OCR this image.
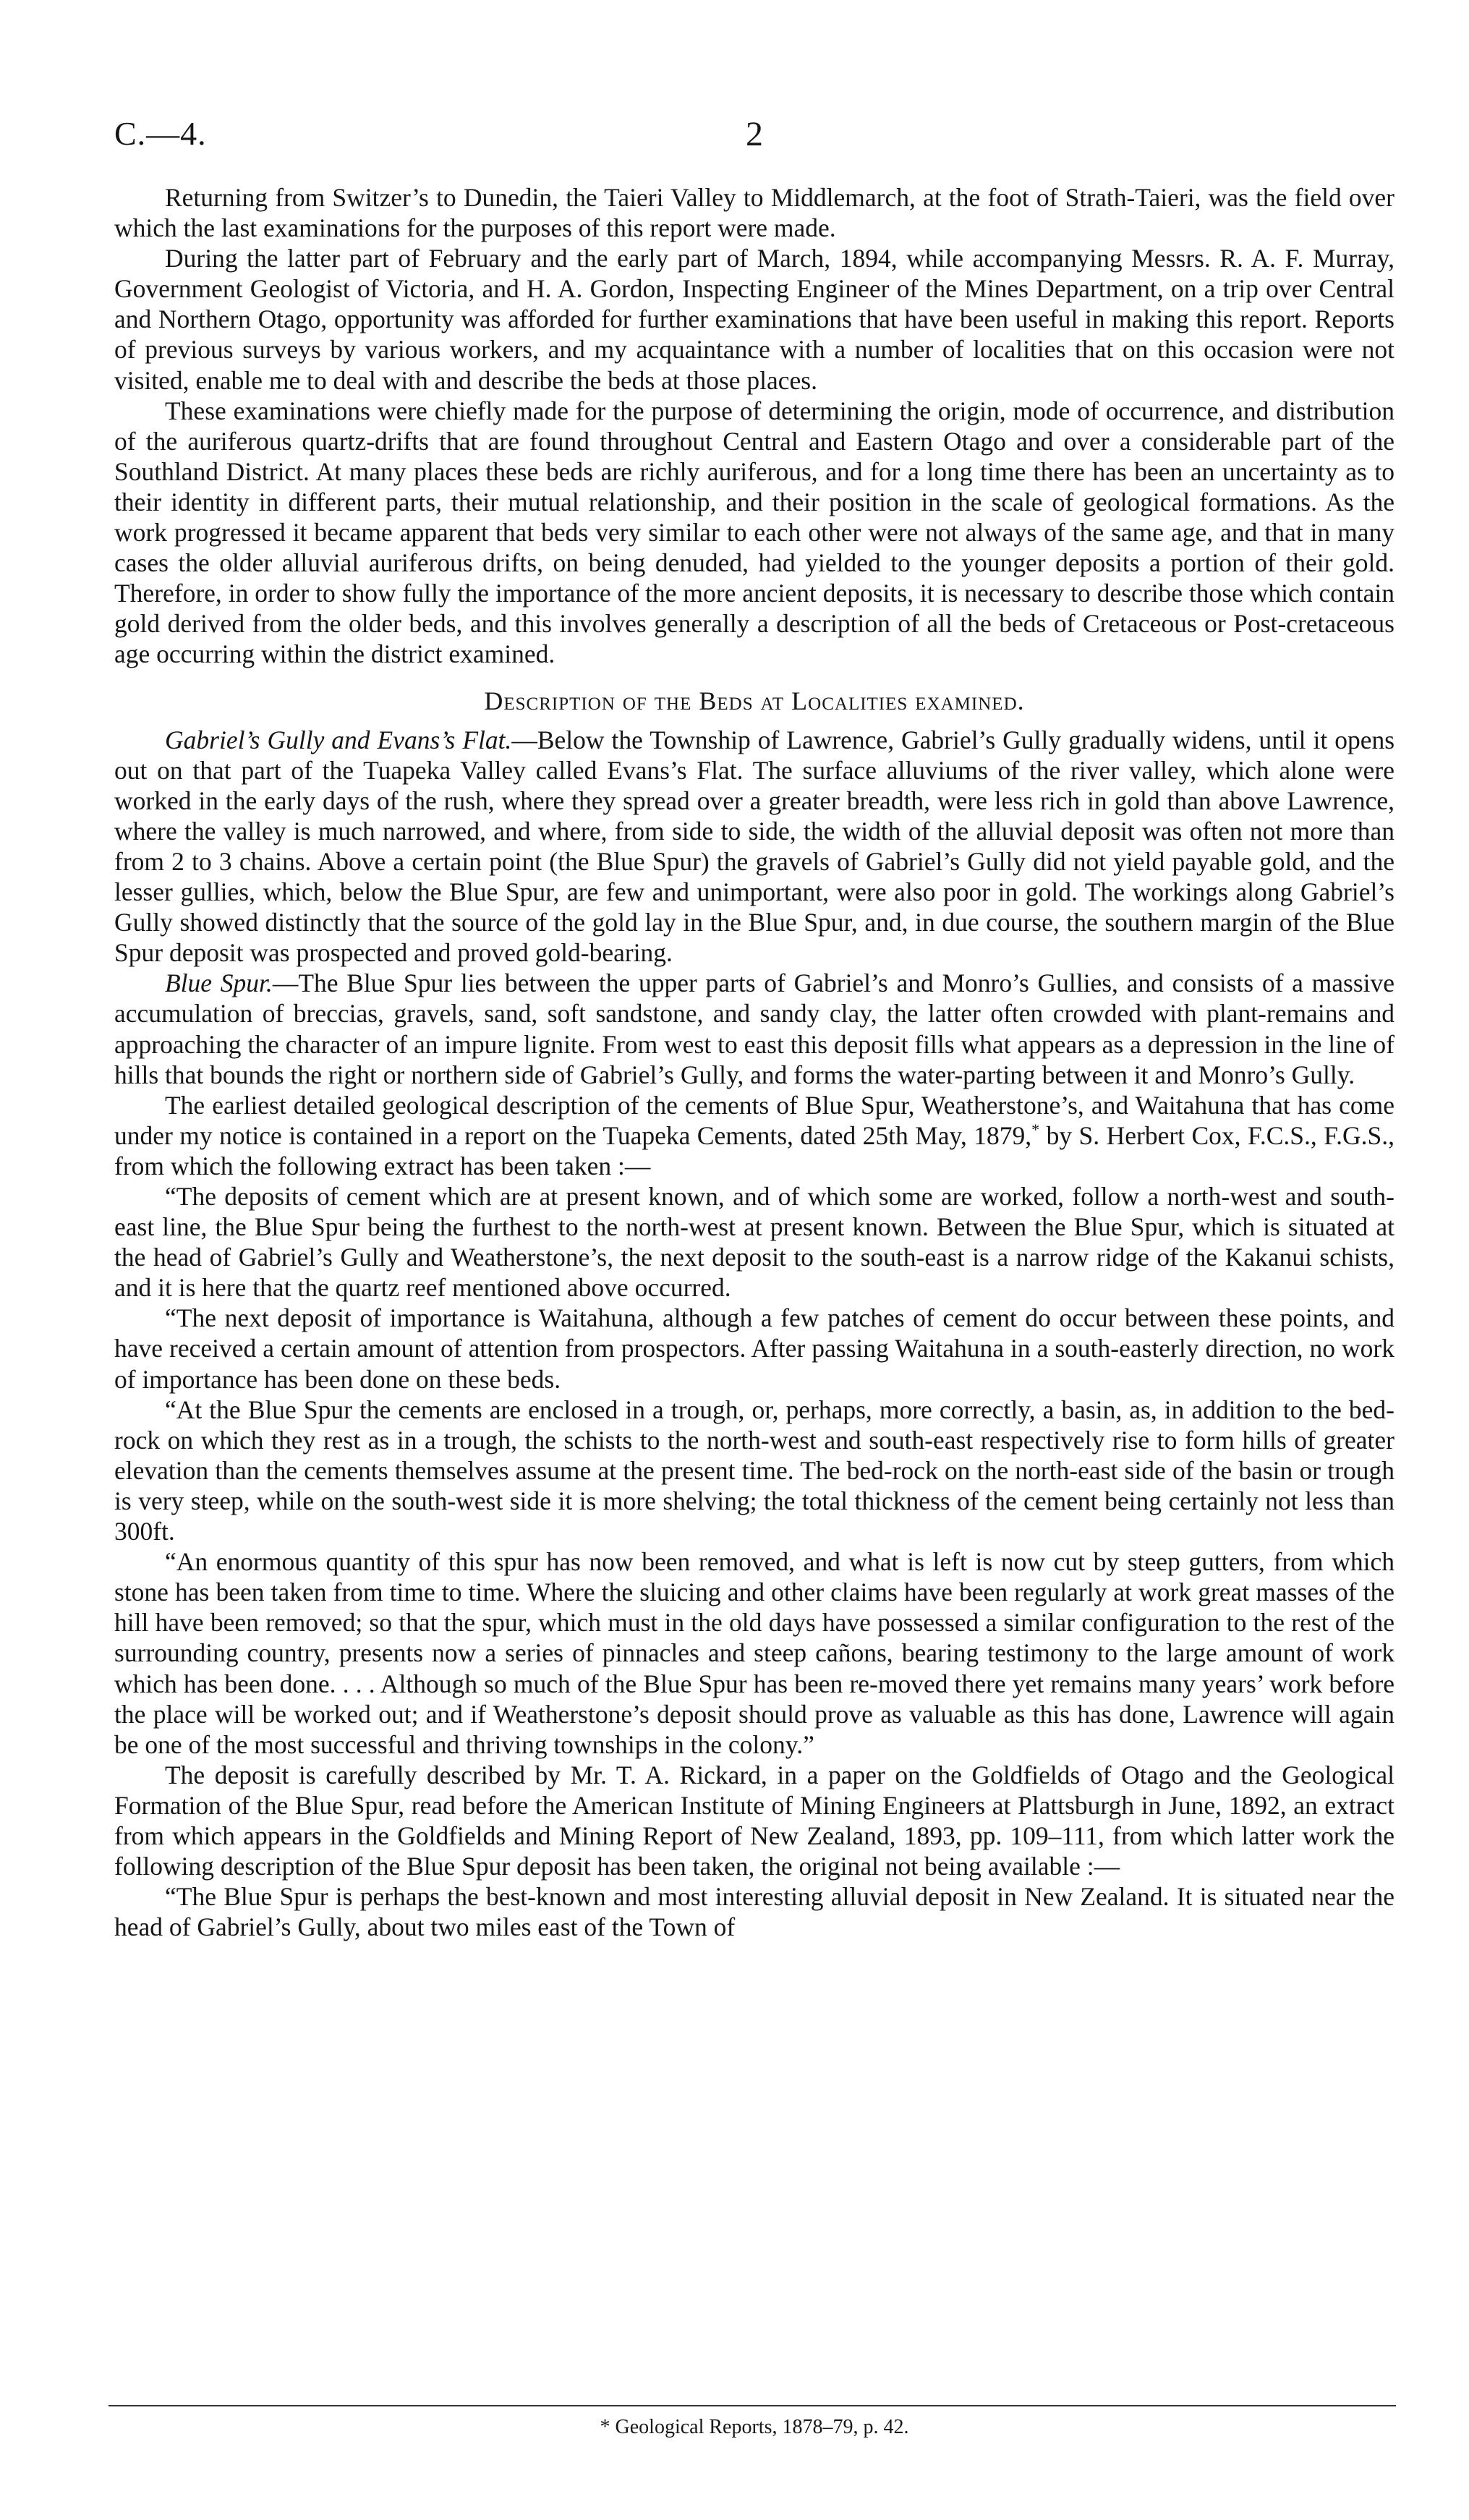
C.—4.	2

Returning from Switzer’s to Dunedin, the Taieri Valley to Middlemarch, at the foot of Strath-Taieri, was the field over which the last examinations for the purposes of this report were made.

During the latter part of February and the early part of March, 1894, while accompanying Messrs. R. A. F. Murray, Government Geologist of Victoria, and H. A. Gordon, Inspecting Engineer of the Mines Department, on a trip over Central and Northern Otago, opportunity was afforded for further examinations that have been useful in making this report. Reports of previous surveys by various workers, and my acquaintance with a number of localities that on this occasion were not visited, enable me to deal with and describe the beds at those places.

These examinations were chiefly made for the purpose of determining the origin, mode of occurrence, and distribution of the auriferous quartz-drifts that are found throughout Central and Eastern Otago and over a considerable part of the Southland District. At many places these beds are richly auriferous, and for a long time there has been an uncertainty as to their identity in different parts, their mutual relationship, and their position in the scale of geological formations. As the work progressed it became apparent that beds very similar to each other were not always of the same age, and that in many cases the older alluvial auriferous drifts, on being denuded, had yielded to the younger deposits a portion of their gold. Therefore, in order to show fully the importance of the more ancient deposits, it is necessary to describe those which contain gold derived from the older beds, and this involves generally a description of all the beds of Cretaceous or Post-cretaceous age occurring within the district examined.

Description of the Beds at Localities examined.

Gabriel’s Gully and Evans’s Flat.—Below the Township of Lawrence, Gabriel’s Gully gradually widens, until it opens out on that part of the Tuapeka Valley called Evans’s Flat. The surface alluviums of the river valley, which alone were worked in the early days of the rush, where they spread over a greater breadth, were less rich in gold than above Lawrence, where the valley is much narrowed, and where, from side to side, the width of the alluvial deposit was often not more than from 2 to 3 chains. Above a certain point (the Blue Spur) the gravels of Gabriel’s Gully did not yield payable gold, and the lesser gullies, which, below the Blue Spur, are few and unimportant, were also poor in gold. The workings along Gabriel’s Gully showed distinctly that the source of the gold lay in the Blue Spur, and, in due course, the southern margin of the Blue Spur deposit was prospected and proved gold-bearing.

Blue Spur.—The Blue Spur lies between the upper parts of Gabriel’s and Monro’s Gullies, and consists of a massive accumulation of breccias, gravels, sand, soft sandstone, and sandy clay, the latter often crowded with plant-remains and approaching the character of an impure lignite. From west to east this deposit fills what appears as a depression in the line of hills that bounds the right or northern side of Gabriel’s Gully, and forms the water-parting between it and Monro’s Gully.

The earliest detailed geological description of the cements of Blue Spur, Weatherstone’s, and Waitahuna that has come under my notice is contained in a report on the Tuapeka Cements, dated 25th May, 1879,* by S. Herbert Cox, F.C.S., F.G.S., from which the following extract has been taken :—

“The deposits of cement which are at present known, and of which some are worked, follow a north-west and south-east line, the Blue Spur being the furthest to the north-west at present known. Between the Blue Spur, which is situated at the head of Gabriel’s Gully and Weatherstone’s, the next deposit to the south-east is a narrow ridge of the Kakanui schists, and it is here that the quartz reef mentioned above occurred.

“The next deposit of importance is Waitahuna, although a few patches of cement do occur between these points, and have received a certain amount of attention from prospectors. After passing Waitahuna in a south-easterly direction, no work of importance has been done on these beds.

“At the Blue Spur the cements are enclosed in a trough, or, perhaps, more correctly, a basin, as, in addition to the bed-rock on which they rest as in a trough, the schists to the north-west and south-east respectively rise to form hills of greater elevation than the cements themselves assume at the present time. The bed-rock on the north-east side of the basin or trough is very steep, while on the south-west side it is more shelving; the total thickness of the cement being certainly not less than 300ft.

“An enormous quantity of this spur has now been removed, and what is left is now cut by steep gutters, from which stone has been taken from time to time. Where the sluicing and other claims have been regularly at work great masses of the hill have been removed; so that the spur, which must in the old days have possessed a similar configuration to the rest of the surrounding country, presents now a series of pinnacles and steep cañons, bearing testimony to the large amount of work which has been done. . . . Although so much of the Blue Spur has been re-moved there yet remains many years’ work before the place will be worked out; and if Weatherstone’s deposit should prove as valuable as this has done, Lawrence will again be one of the most successful and thriving townships in the colony.”

The deposit is carefully described by Mr. T. A. Rickard, in a paper on the Goldfields of Otago and the Geological Formation of the Blue Spur, read before the American Institute of Mining Engineers at Plattsburgh in June, 1892, an extract from which appears in the Goldfields and Mining Report of New Zealand, 1893, pp. 109–111, from which latter work the following description of the Blue Spur deposit has been taken, the original not being available :—

“The Blue Spur is perhaps the best-known and most interesting alluvial deposit in New Zealand. It is situated near the head of Gabriel’s Gully, about two miles east of the Town of

* Geological Reports, 1878–79, p. 42.
